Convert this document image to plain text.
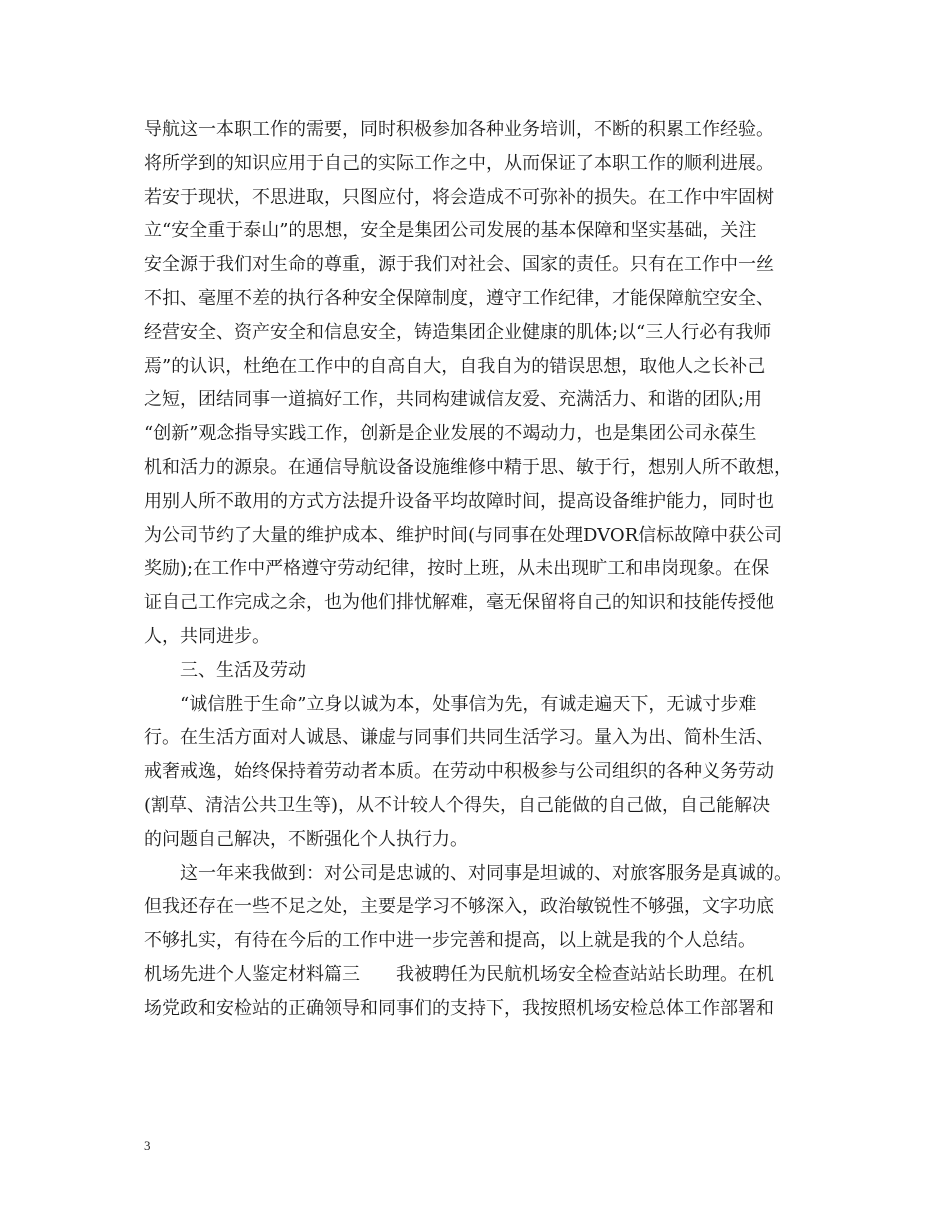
导航这一本职工作的需要，同时积极参加各种业务培训，不断的积累工作经验。
将所学到的知识应用于自己的实际工作之中，从而保证了本职工作的顺利进展。
若安于现状，不思进取，只图应付，将会造成不可弥补的损失。在工作中牢固树
立“安全重于泰山”的思想，安全是集团公司发展的基本保障和坚实基础，关注
安全源于我们对生命的尊重，源于我们对社会、国家的责任。只有在工作中一丝
不扣、毫厘不差的执行各种安全保障制度，遵守工作纪律，才能保障航空安全、
经营安全、资产安全和信息安全，铸造集团企业健康的肌体;以“三人行必有我师
焉”的认识，杜绝在工作中的自高自大，自我自为的错误思想，取他人之长补己
之短，团结同事一道搞好工作，共同构建诚信友爱、充满活力、和谐的团队;用
“创新”观念指导实践工作，创新是企业发展的不竭动力，也是集团公司永葆生
机和活力的源泉。在通信导航设备设施维修中精于思、敏于行，想别人所不敢想，
用别人所不敢用的方式方法提升设备平均故障时间，提高设备维护能力，同时也
为公司节约了大量的维护成本、维护时间(与同事在处理DVOR信标故障中获公司
奖励);在工作中严格遵守劳动纪律，按时上班，从未出现旷工和串岗现象。在保
证自己工作完成之余，也为他们排忧解难，毫无保留将自己的知识和技能传授他
人，共同进步。
三、生活及劳动
“诚信胜于生命”立身以诚为本，处事信为先，有诚走遍天下，无诚寸步难
行。在生活方面对人诚恳、谦虚与同事们共同生活学习。量入为出、简朴生活、
戒奢戒逸，始终保持着劳动者本质。在劳动中积极参与公司组织的各种义务劳动
(割草、清洁公共卫生等)，从不计较人个得失，自己能做的自己做，自己能解决
的问题自己解决，不断强化个人执行力。
这一年来我做到：对公司是忠诚的、对同事是坦诚的、对旅客服务是真诚的。
但我还存在一些不足之处，主要是学习不够深入，政治敏锐性不够强，文字功底
不够扎实，有待在今后的工作中进一步完善和提高，以上就是我的个人总结。
机场先进个人鉴定材料篇三　　我被聘任为民航机场安全检查站站长助理。在机
场党政和安检站的正确领导和同事们的支持下，我按照机场安检总体工作部署和
3
